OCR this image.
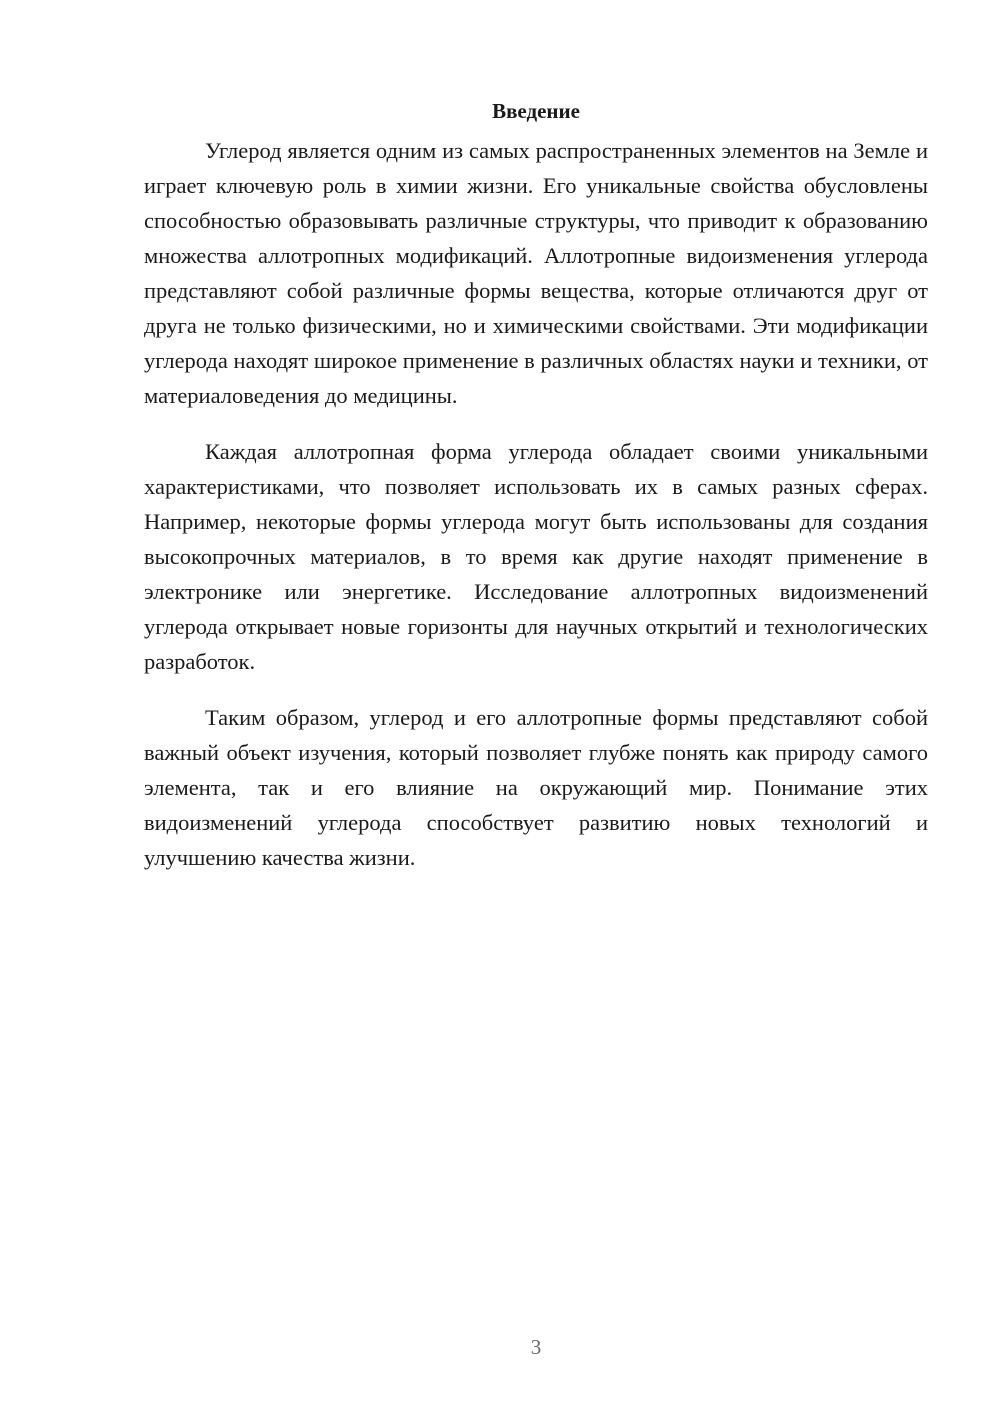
Введение

Углерод является одним из самых распространенных элементов на Земле и играет ключевую роль в химии жизни. Его уникальные свойства обусловлены способностью образовывать различные структуры, что приводит к образованию множества аллотропных модификаций. Аллотропные видоизменения углерода представляют собой различные формы вещества, которые отличаются друг от друга не только физическими, но и химическими свойствами. Эти модификации углерода находят широкое применение в различных областях науки и техники, от материаловедения до медицины.

Каждая аллотропная форма углерода обладает своими уникальными характеристиками, что позволяет использовать их в самых разных сферах. Например, некоторые формы углерода могут быть использованы для создания высокопрочных материалов, в то время как другие находят применение в электронике или энергетике. Исследование аллотропных видоизменений углерода открывает новые горизонты для научных открытий и технологических разработок.

Таким образом, углерод и его аллотропные формы представляют собой важный объект изучения, который позволяет глубже понять как природу самого элемента, так и его влияние на окружающий мир. Понимание этих видоизменений углерода способствует развитию новых технологий и улучшению качества жизни.

3
